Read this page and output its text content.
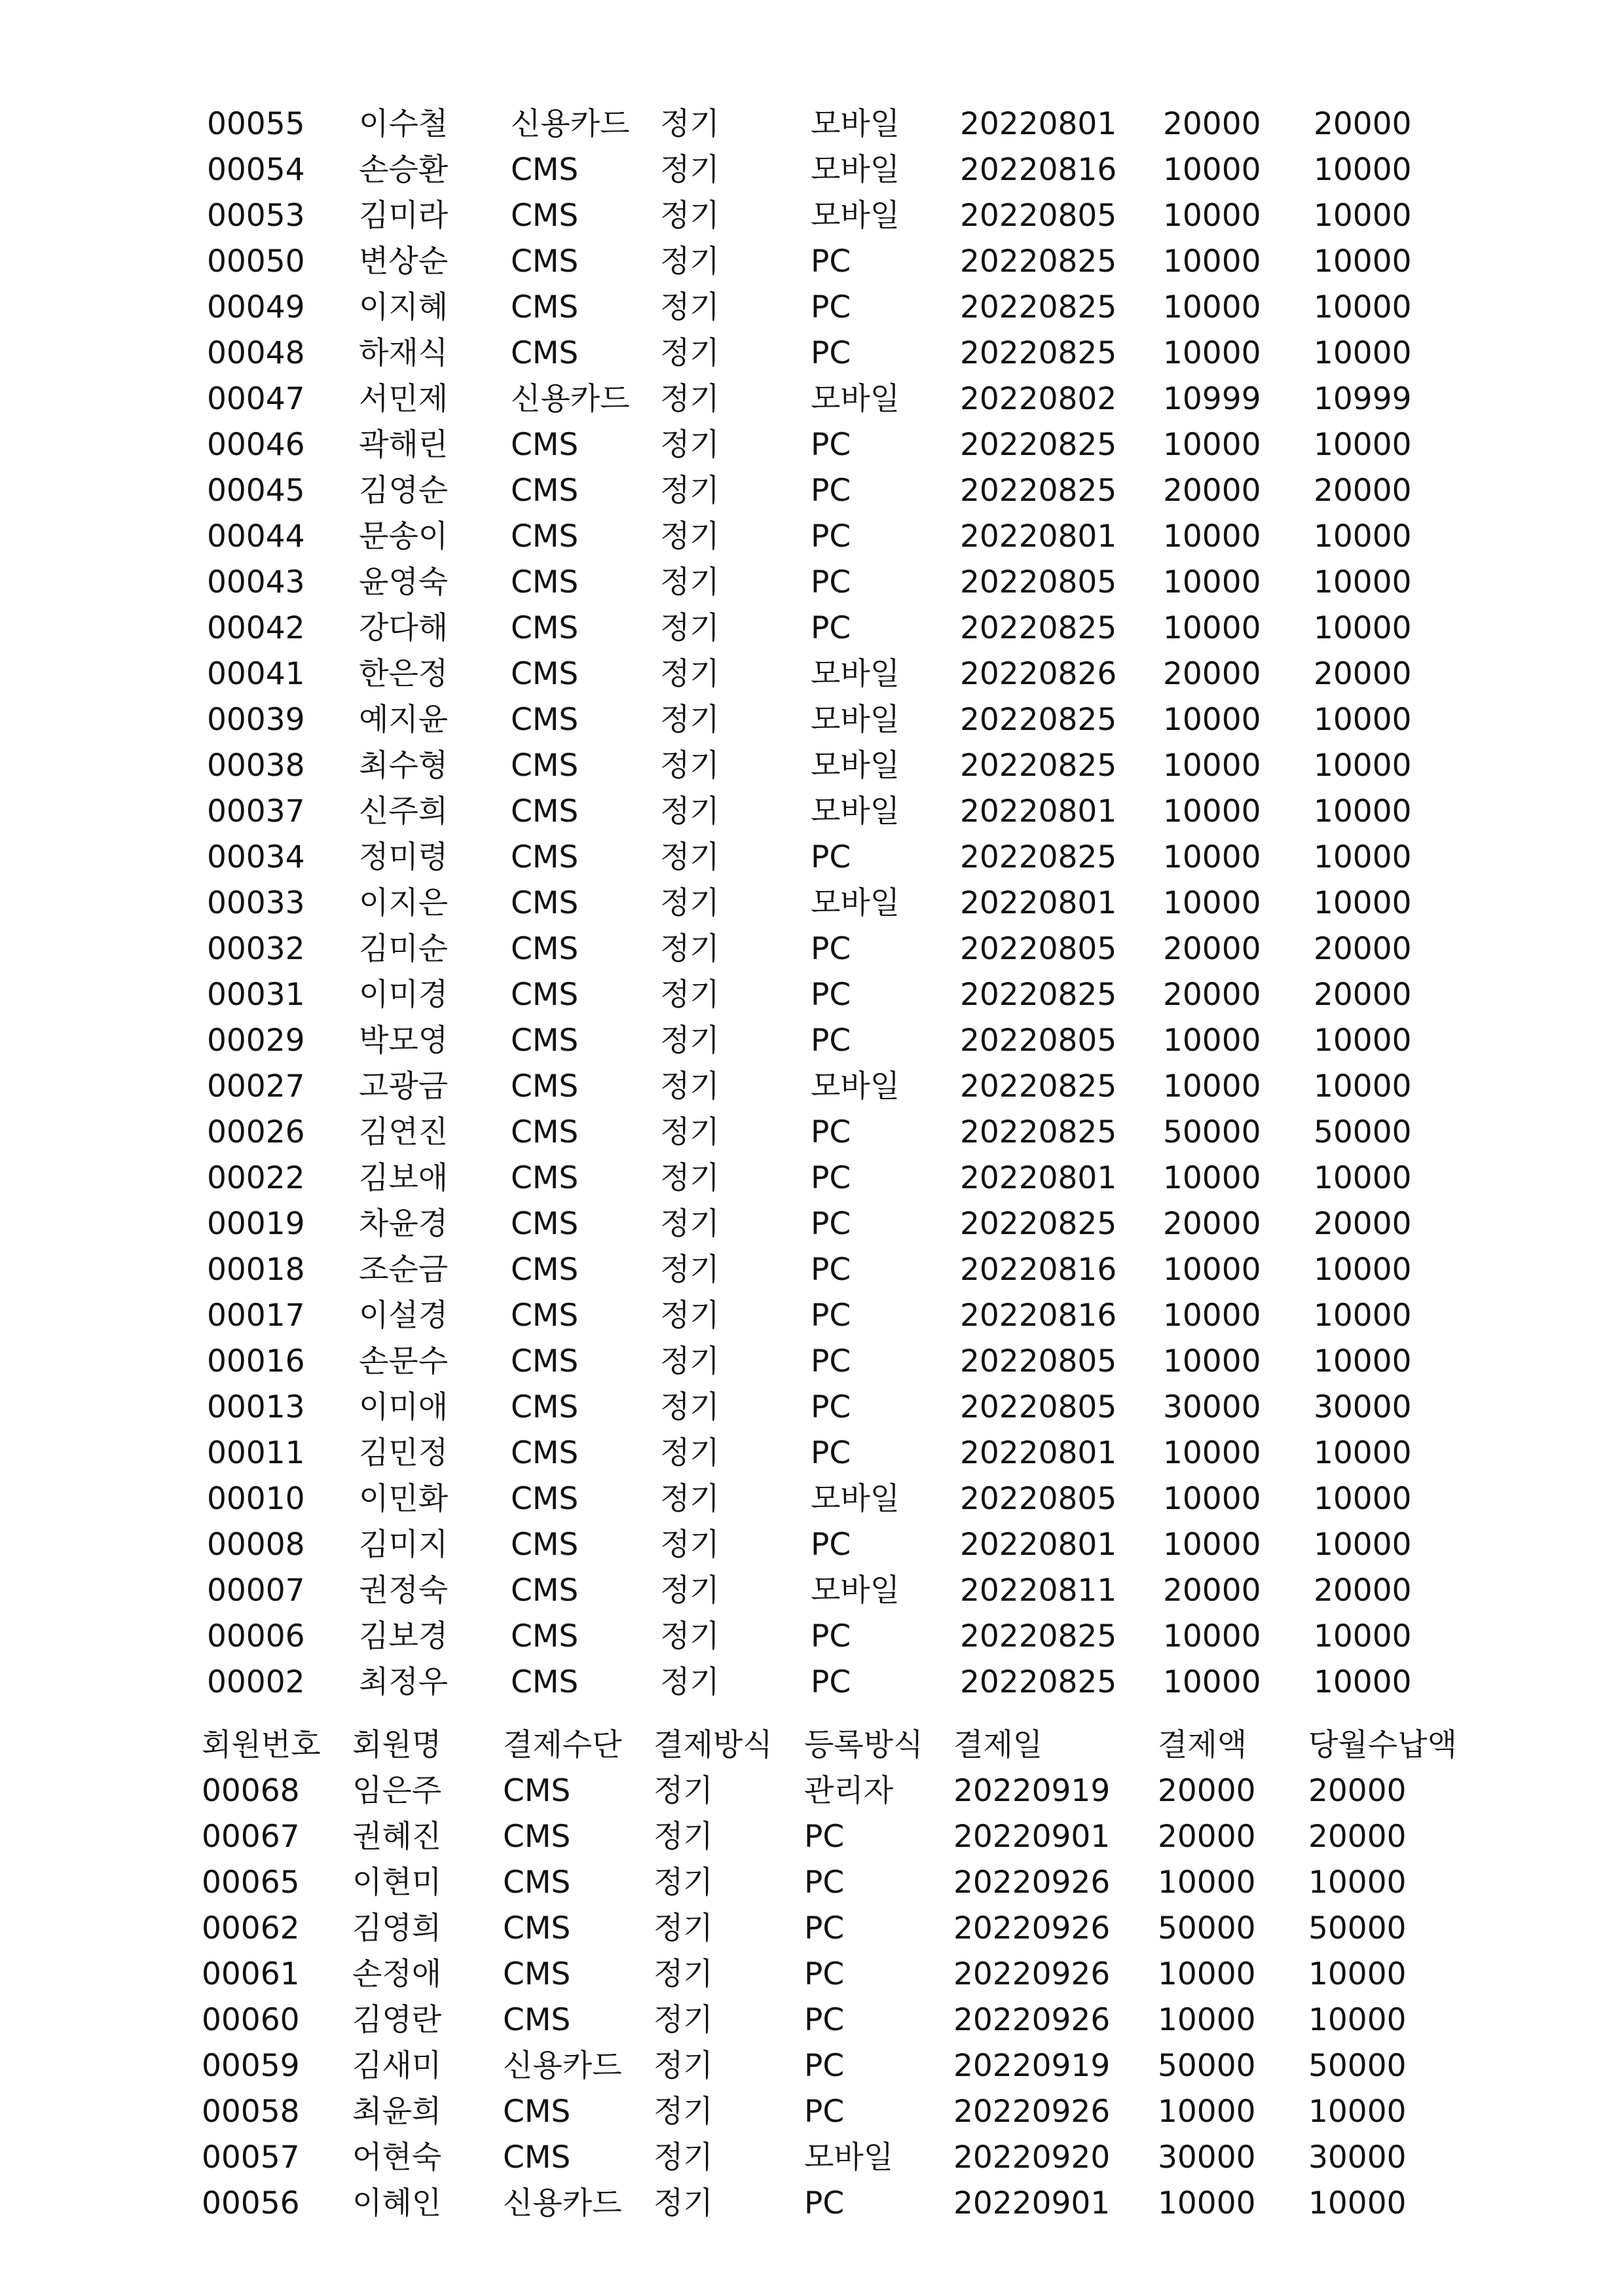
00055 이수철 신용카드 정기	모바일 20220801 20000 20000
00054 손승환 CMS	정기	모바일 20220816 10000 10000
00053 김미라 CMS	정기	모바일 20220805 10000 10000
00050 변상순 CMS	정기	PC	20220825 10000 10000
00049 이지혜 CMS	정기	PC	20220825 10000 10000
00048 하재식 CMS	정기	PC	20220825 10000 10000
00047 서민제 신용카드 정기	모바일 20220802 10999 10999
00046 곽해린 CMS	정기	PC	20220825 10000 10000
00045 김영순 CMS	정기	PC	20220825 20000 20000
00044 문송이 CMS	정기	PC	20220801 10000 10000
00043 윤영숙 CMS	정기	PC	20220805 10000 10000
00042 강다해 CMS	정기	PC	20220825 10000 10000
00041 한은정 CMS	정기	모바일 20220826 20000 20000
00039 예지윤 CMS	정기	모바일 20220825 10000 10000
00038 최수형 CMS	정기	모바일 20220825 10000 10000
00037 신주희 CMS	정기	모바일 20220801 10000 10000
00034 정미령 CMS	정기	PC	20220825 10000 10000
00033 이지은 CMS	정기	모바일 20220801 10000 10000
00032 김미순 CMS	정기	PC	20220805 20000 20000
00031 이미경 CMS	정기	PC	20220825 20000 20000
00029 박모영 CMS	정기	PC	20220805 10000 10000
00027 고광금 CMS	정기	모바일 20220825 10000 10000
00026 김연진 CMS	정기	PC	20220825 50000 50000
00022 김보애 CMS	정기	PC	20220801 10000 10000
00019 차윤경 CMS	정기	PC	20220825 20000 20000
00018 조순금 CMS	정기	PC	20220816 10000 10000
00017 이설경 CMS	정기	PC	20220816 10000 10000
00016 손문수 CMS	정기	PC	20220805 10000 10000
00013 이미애 CMS	정기	PC	20220805 30000 30000
00011 김민정 CMS	정기	PC	20220801 10000 10000
00010 이민화 CMS	정기	모바일 20220805 10000 10000
00008 김미지 CMS	정기	PC	20220801 10000 10000
00007 권정숙 CMS	정기	모바일 20220811 20000 20000
00006 김보경 CMS	정기	PC	20220825 10000 10000
00002 최정우 CMS	정기	PC	20220825 10000 10000
회원번호 회원명 결제수단 결제방식 등록방식 결제일	결제액 당월수납액
00068 임은주 CMS	정기	관리자 20220919 20000 20000
00067 권혜진 CMS	정기	PC	20220901 20000 20000
00065 이현미 CMS	정기	PC	20220926 10000 10000
00062 김영희 CMS	정기	PC	20220926 50000 50000
00061 손정애 CMS	정기	PC	20220926 10000 10000
00060 김영란 CMS	정기	PC	20220926 10000 10000
00059 김새미 신용카드 정기	PC	20220919 50000 50000
00058 최윤희 CMS	정기	PC	20220926 10000 10000
00057 어현숙 CMS	정기	모바일 20220920 30000 30000
00056 이혜인 신용카드 정기	PC	20220901 10000 10000
